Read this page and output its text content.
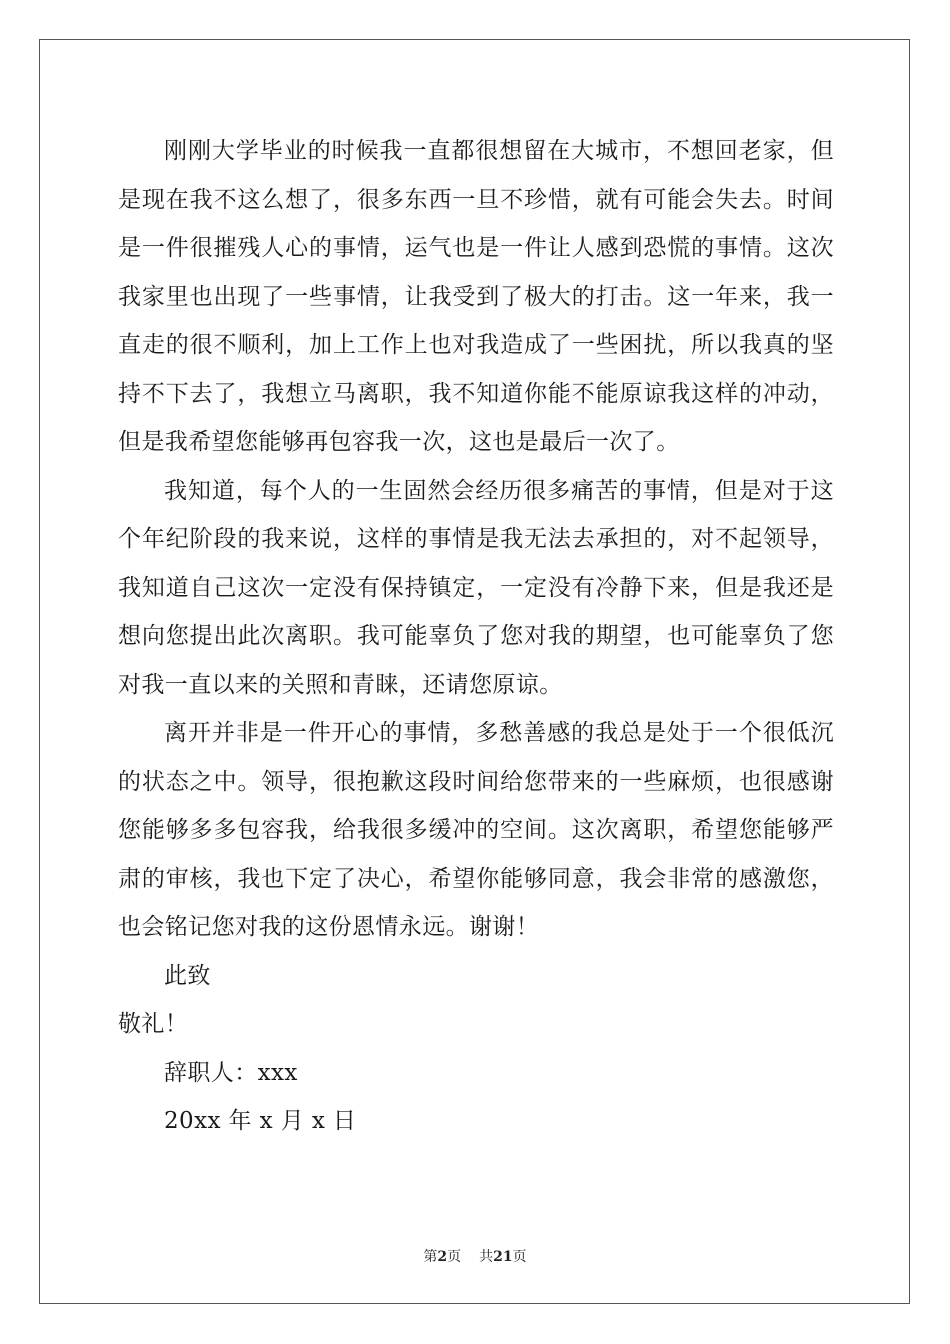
刚刚大学毕业的时候我一直都很想留在大城市，不想回老家，但是现在我不这么想了，很多东西一旦不珍惜，就有可能会失去。时间是一件很摧残人心的事情，运气也是一件让人感到恐慌的事情。这次我家里也出现了一些事情，让我受到了极大的打击。这一年来，我一直走的很不顺利，加上工作上也对我造成了一些困扰，所以我真的坚持不下去了，我想立马离职，我不知道你能不能原谅我这样的冲动，但是我希望您能够再包容我一次，这也是最后一次了。

我知道，每个人的一生固然会经历很多痛苦的事情，但是对于这个年纪阶段的我来说，这样的事情是我无法去承担的，对不起领导，我知道自己这次一定没有保持镇定，一定没有冷静下来，但是我还是想向您提出此次离职。我可能辜负了您对我的期望，也可能辜负了您对我一直以来的关照和青睐，还请您原谅。

离开并非是一件开心的事情，多愁善感的我总是处于一个很低沉的状态之中。领导，很抱歉这段时间给您带来的一些麻烦，也很感谢您能够多多包容我，给我很多缓冲的空间。这次离职，希望您能够严肃的审核，我也下定了决心，希望你能够同意，我会非常的感激您，也会铭记您对我的这份恩情永远。谢谢！

此致

敬礼！

辞职人：xxx

20xx 年 x 月 x 日

第2页 共21页
